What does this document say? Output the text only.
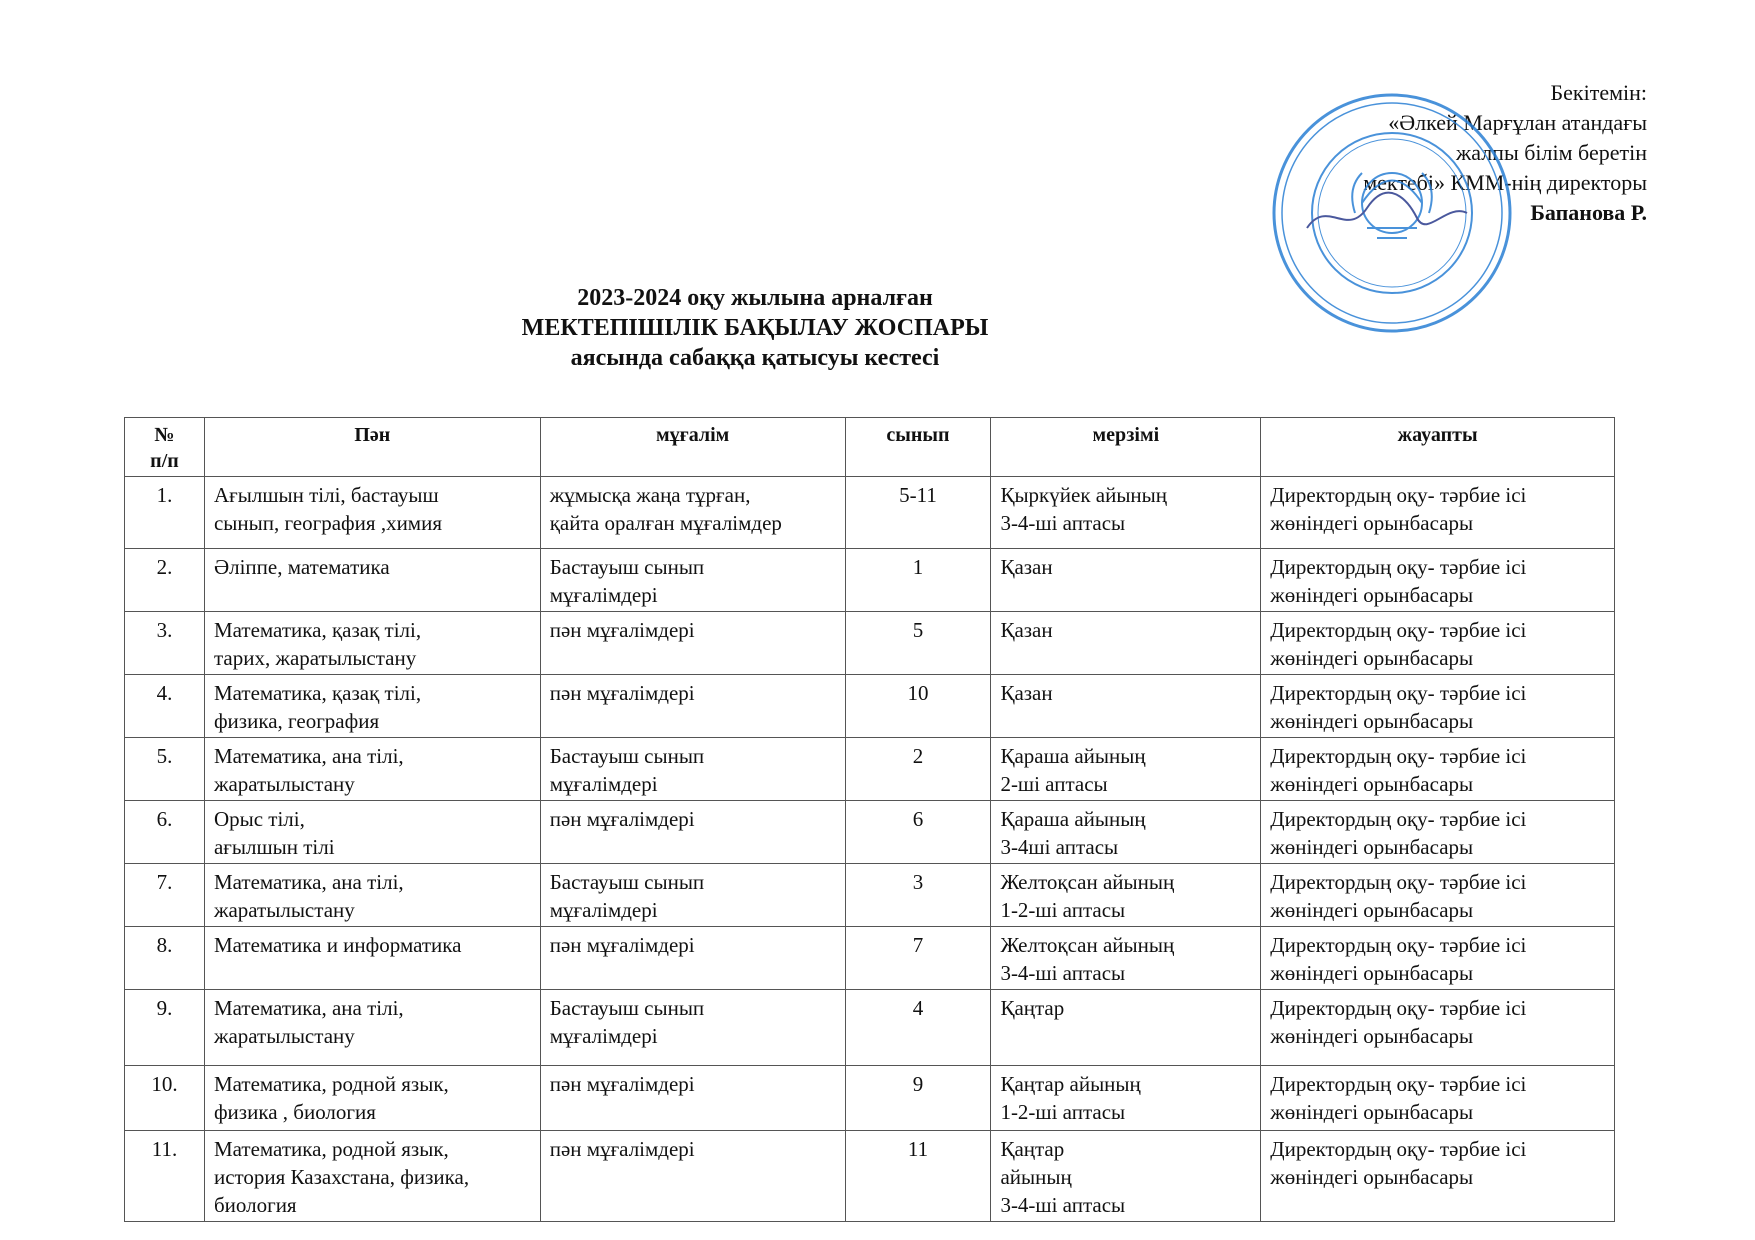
Бекітемін:
«Әлкей Марғұлан атандағы
жалпы білім беретін
мектебі» КММ-нің директоры
Бапанова Р.
2023-2024 оқу жылына арналған
МЕКТЕПІШІЛІК БАҚЫЛАУ ЖОСПАРЫ
аясында сабаққа қатысуы кестесі
№
п/п	Пән	мұғалім	сынып	мерзімі	жауапты
1.	Ағылшын тілі, бастауыш
сынып, география ,химия	жұмысқа жаңа тұрған,
қайта оралған мұғалімдер	5-11	Қыркүйек айының
3-4-ші аптасы	Директордың оқу- тәрбие ісі
жөніндегі орынбасары
2.	Әліппе, математика	Бастауыш сынып
мұғалімдері	1	Қазан	Директордың оқу- тәрбие ісі
жөніндегі орынбасары
3.	Математика, қазақ тілі,
тарих, жаратылыстану	пән мұғалімдері	5	Қазан	Директордың оқу- тәрбие ісі
жөніндегі орынбасары
4.	Математика, қазақ тілі,
физика, география	пән мұғалімдері	10	Қазан	Директордың оқу- тәрбие ісі
жөніндегі орынбасары
5.	Математика, ана тілі,
жаратылыстану	Бастауыш сынып
мұғалімдері	2	Қараша айының
2-ші аптасы	Директордың оқу- тәрбие ісі
жөніндегі орынбасары
6.	Орыс тілі,
ағылшын тілі	пән мұғалімдері	6	Қараша айының
3-4ші аптасы	Директордың оқу- тәрбие ісі
жөніндегі орынбасары
7.	Математика, ана тілі,
жаратылыстану	Бастауыш сынып
мұғалімдері	3	Желтоқсан айының
1-2-ші аптасы	Директордың оқу- тәрбие ісі
жөніндегі орынбасары
8.	Математика и информатика	пән мұғалімдері	7	Желтоқсан айының
3-4-ші аптасы	Директордың оқу- тәрбие ісі
жөніндегі орынбасары
9.	Математика, ана тілі,
жаратылыстану	Бастауыш сынып
мұғалімдері	4	Қаңтар	Директордың оқу- тәрбие ісі
жөніндегі орынбасары
10.	Математика, родной язык,
физика , биология	пән мұғалімдері	9	Қаңтар айының
1-2-ші аптасы	Директордың оқу- тәрбие ісі
жөніндегі орынбасары
11.	Математика, родной язык,
история Казахстана, физика,
биология	пән мұғалімдері	11	Қаңтар
айының
3-4-ші аптасы	Директордың оқу- тәрбие ісі
жөніндегі орынбасары
